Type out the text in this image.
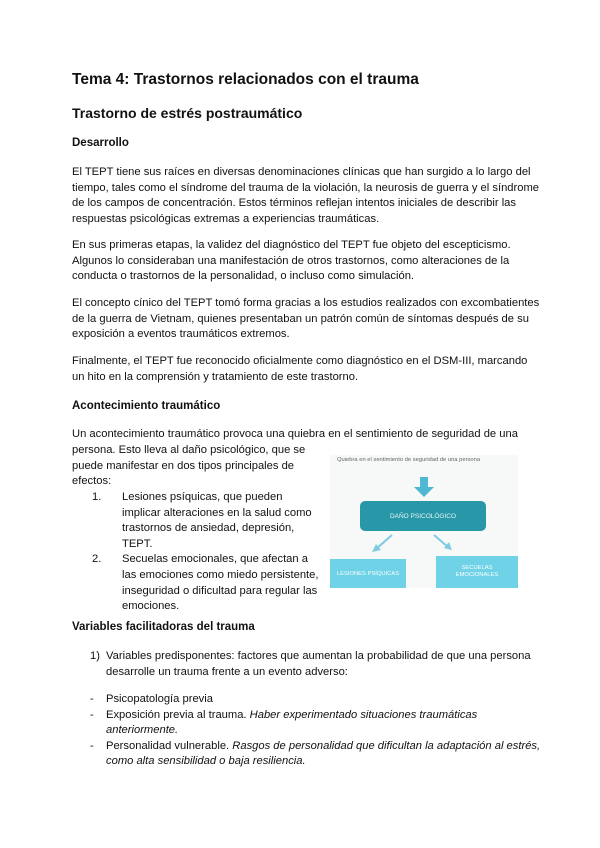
Tema 4: Trastornos relacionados con el trauma
Trastorno de estrés postraumático
Desarrollo

El TEPT tiene sus raíces en diversas denominaciones clínicas que han surgido a lo largo del tiempo, tales como el síndrome del trauma de la violación, la neurosis de guerra y el síndrome de los campos de concentración. Estos términos reflejan intentos iniciales de describir las respuestas psicológicas extremas a experiencias traumáticas.

En sus primeras etapas, la validez del diagnóstico del TEPT fue objeto del escepticismo. Algunos lo consideraban una manifestación de otros trastornos, como alteraciones de la conducta o trastornos de la personalidad, o incluso como simulación.

El concepto cínico del TEPT tomó forma gracias a los estudios realizados con excombatientes de la guerra de Vietnam, quienes presentaban un patrón común de síntomas después de su exposición a eventos traumáticos extremos.

Finalmente, el TEPT fue reconocido oficialmente como diagnóstico en el DSM-III, marcando un hito en la comprensión y tratamiento de este trastorno.

Acontecimiento traumático

Un acontecimiento traumático provoca una quiebra en el sentimiento de seguridad de una

persona. Esto lleva al daño psicológico, que se puede manifestar en dos tipos principales de efectos:

1. Lesiones psíquicas, que pueden implicar alteraciones en la salud como trastornos de ansiedad, depresión, TEPT.
2. Secuelas emocionales, que afectan a las emociones como miedo persistente, inseguridad o dificultad para regular las emociones.
Quiebra en el sentimiento de seguridad de una persona
DAÑO PSICOLÓGICO
LESIONES PSÍQUICAS
SECUELAS
EMOCIONALES
Variables facilitadoras del trauma
1) Variables predisponentes: factores que aumentan la probabilidad de que una persona desarrolle un trauma frente a un evento adverso:
- Psicopatología previa
- Exposición previa al trauma. Haber experimentado situaciones traumáticas anteriormente.
- Personalidad vulnerable. Rasgos de personalidad que dificultan la adaptación al estrés, como alta sensibilidad o baja resiliencia.
